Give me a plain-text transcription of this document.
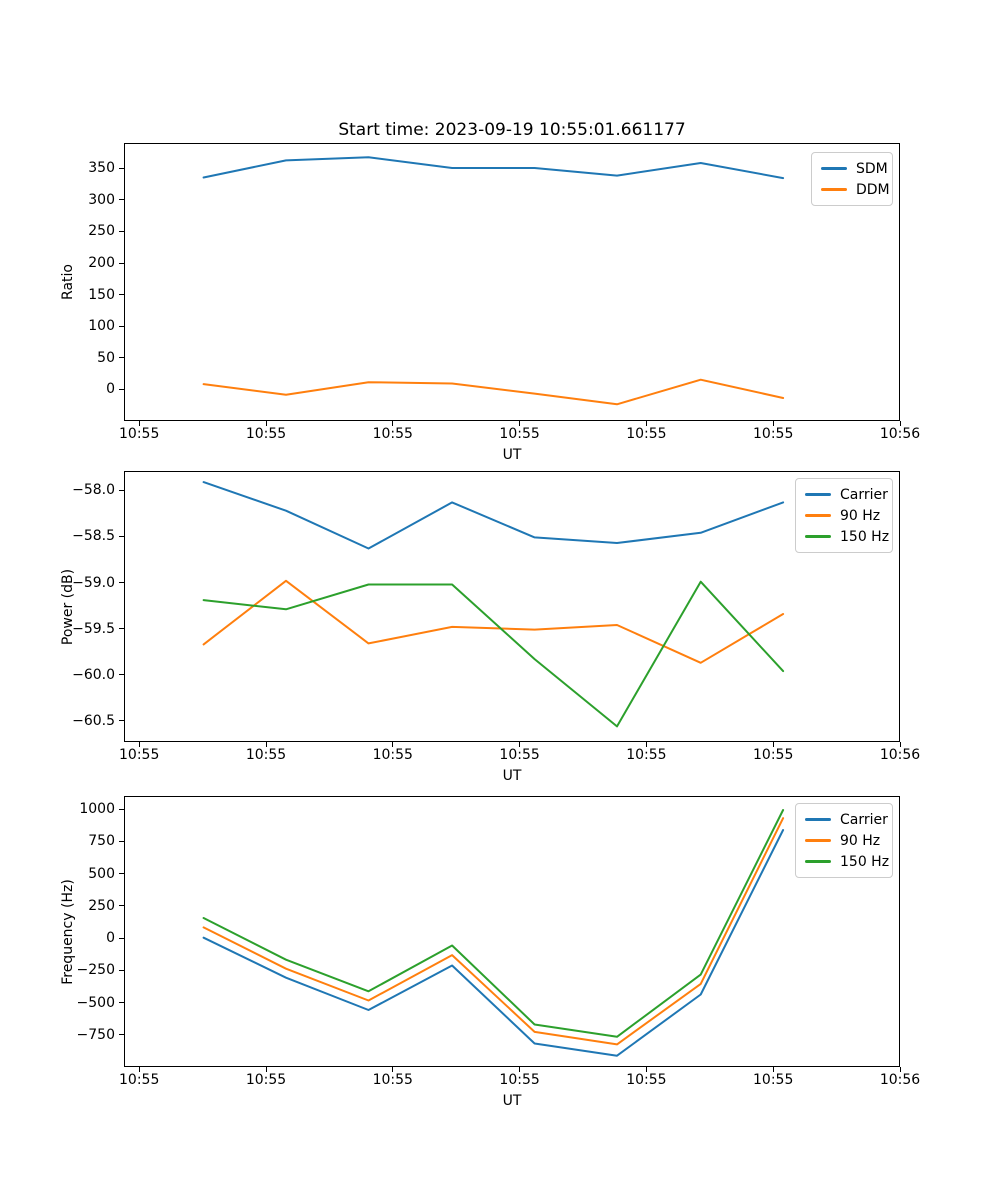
Start time: 2023-09-19 10:55:01.661177
Ratio
UT
SDM
DDM
Power (dB)
UT
Carrier
90 Hz
150 Hz
Frequency (Hz)
UT
Carrier
90 Hz
150 Hz
0
50
100
150
200
250
300
350
10:55	10:55	10:55	10:55	10:55	10:55	10:56
−58.0
−58.5
−59.0
−59.5
−60.0
−60.5
10:55	10:55	10:55	10:55	10:55	10:55	10:56
1000
750
500
250
0
−250
−500
−750
10:55	10:55	10:55	10:55	10:55	10:55	10:56
